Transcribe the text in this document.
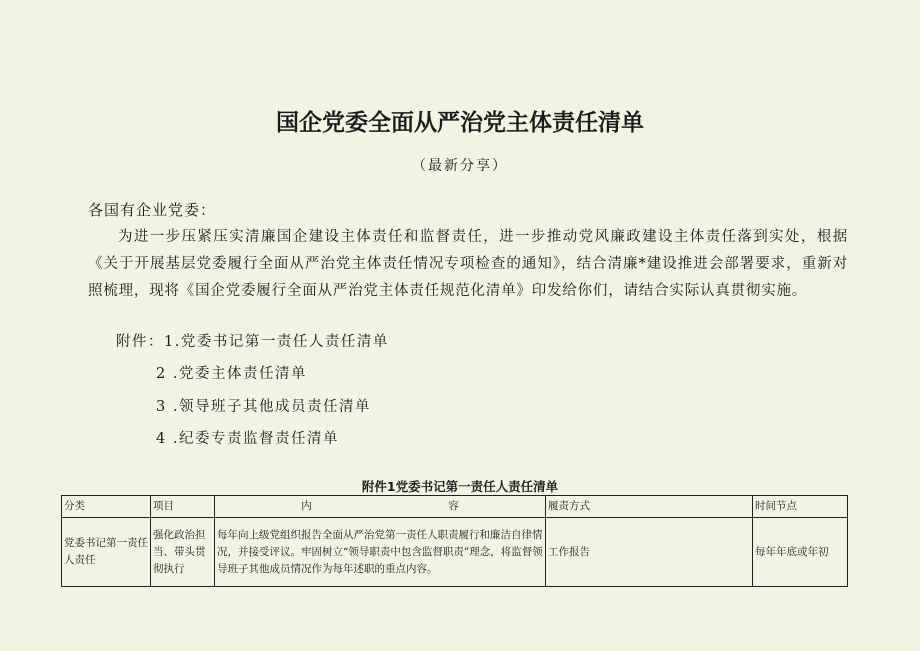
国企党委全面从严治党主体责任清单
（最新分享）
各国有企业党委：
为进一步压紧压实清廉国企建设主体责任和监督责任，进一步推动党风廉政建设主体责任落到实处，根据《关于开展基层党委履行全面从严治党主体责任情况专项检查的通知》，结合清廉*建设推进会部署要求，重新对照梳理，现将《国企党委履行全面从严治党主体责任规范化清单》印发给你们，请结合实际认真贯彻实施。
附件：1.党委书记第一责任人责任清单
2 .党委主体责任清单
3 .领导班子其他成员责任清单
4 .纪委专责监督责任清单
附件1党委书记第一责任人责任清单
分类	项目	内　　　　　　　　　　　　　容	履责方式	时间节点
党委书记第一责任人责任	强化政治担当、带头贯彻执行	每年向上级党组织报告全面从严治党第一责任人职责履行和廉洁自律情况，并接受评议。牢固树立“领导职责中包含监督职责”理念，将监督领导班子其他成员情况作为每年述职的重点内容。	工作报告	每年年底或年初
